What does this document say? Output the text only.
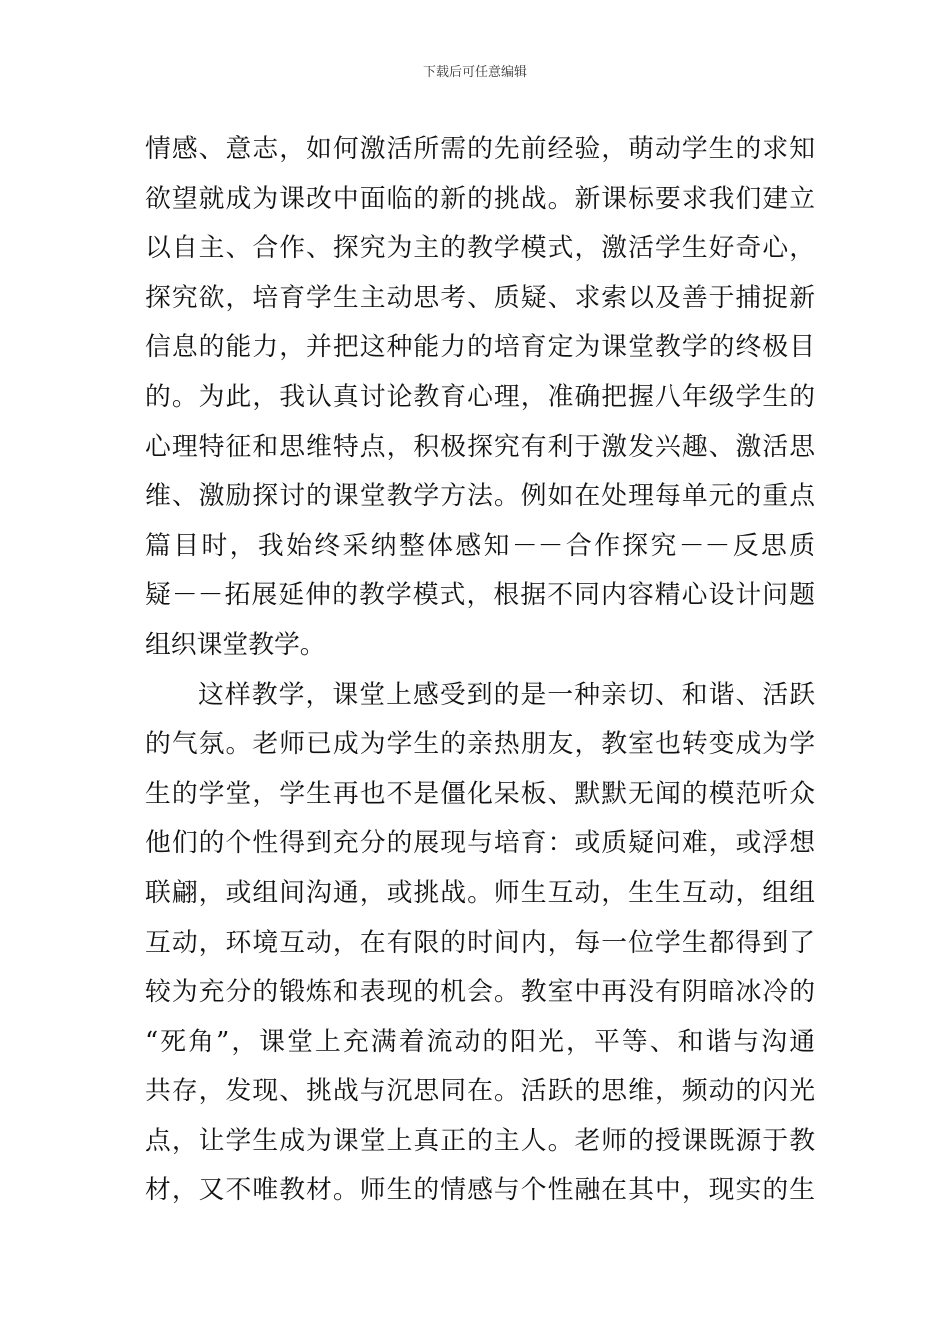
下载后可任意编辑
情感、意志，如何激活所需的先前经验，萌动学生的求知
欲望就成为课改中面临的新的挑战。新课标要求我们建立
以自主、合作、探究为主的教学模式，激活学生好奇心，
探究欲，培育学生主动思考、质疑、求索以及善于捕捉新
信息的能力，并把这种能力的培育定为课堂教学的终极目
的。为此，我认真讨论教育心理，准确把握八年级学生的
心理特征和思维特点，积极探究有利于激发兴趣、激活思
维、激励探讨的课堂教学方法。例如在处理每单元的重点
篇目时，我始终采纳整体感知－－合作探究－－反思质
疑－－拓展延伸的教学模式，根据不同内容精心设计问题
组织课堂教学。
这样教学，课堂上感受到的是一种亲切、和谐、活跃
的气氛。老师已成为学生的亲热朋友，教室也转变成为学
生的学堂，学生再也不是僵化呆板、默默无闻的模范听众
他们的个性得到充分的展现与培育：或质疑问难，或浮想
联翩，或组间沟通，或挑战。师生互动，生生互动，组组
互动，环境互动，在有限的时间内，每一位学生都得到了
较为充分的锻炼和表现的机会。教室中再没有阴暗冰冷的
“死角”，课堂上充满着流动的阳光，平等、和谐与沟通
共存，发现、挑战与沉思同在。活跃的思维，频动的闪光
点，让学生成为课堂上真正的主人。老师的授课既源于教
材，又不唯教材。师生的情感与个性融在其中，现实的生
